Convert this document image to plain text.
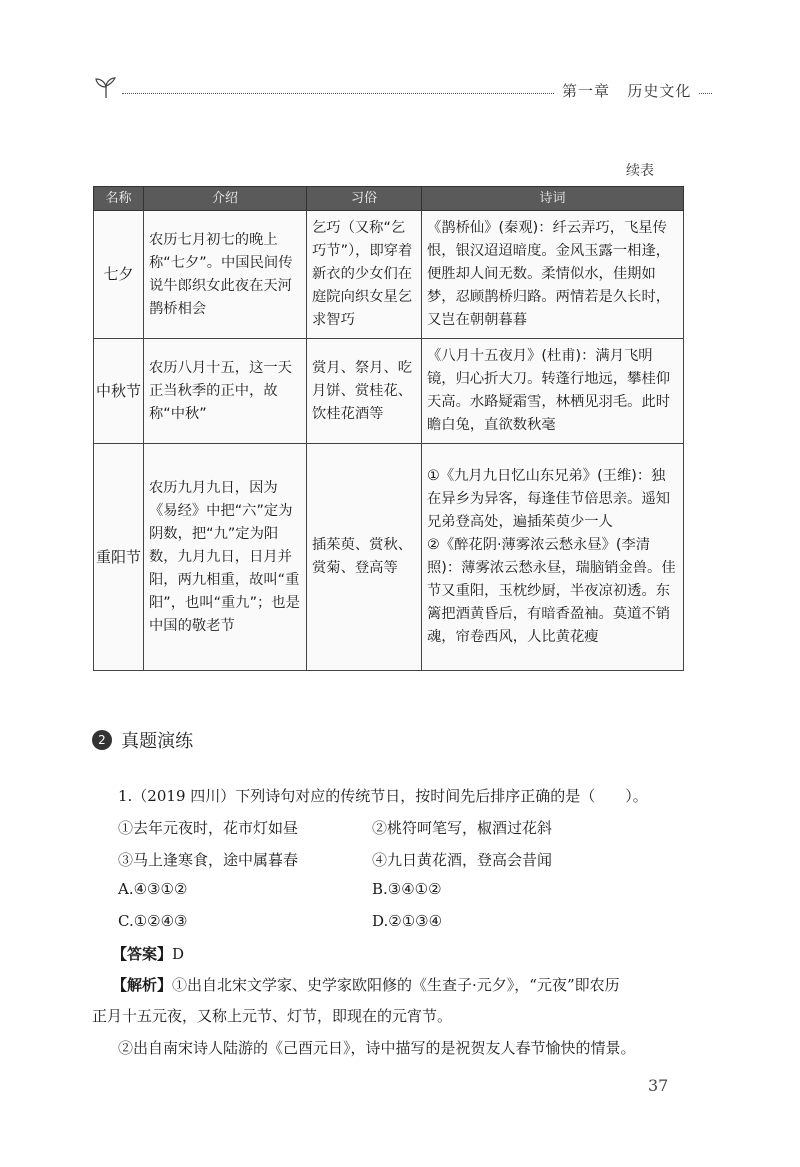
第一章 历史文化
续表
名称	介绍	习俗	诗词
七夕	农历七月初七的晚上称“七夕”。中国民间传说牛郎织女此夜在天河鹊桥相会	乞巧（又称“乞巧节”），即穿着新衣的少女们在庭院向织女星乞求智巧	《鹊桥仙》(秦观)：纤云弄巧，飞星传恨，银汉迢迢暗度。金风玉露一相逢，便胜却人间无数。柔情似水，佳期如梦，忍顾鹊桥归路。两情若是久长时，又岂在朝朝暮暮
中秋节	农历八月十五，这一天正当秋季的正中，故称“中秋”	赏月、祭月、吃月饼、赏桂花、饮桂花酒等	《八月十五夜月》(杜甫)：满月飞明镜，归心折大刀。转蓬行地远，攀桂仰天高。水路疑霜雪，林栖见羽毛。此时瞻白兔，直欲数秋毫
重阳节	农历九月九日，因为《易经》中把“六”定为阴数，把“九”定为阳数，九月九日，日月并阳，两九相重，故叫“重阳”，也叫“重九”；也是中国的敬老节	插茱萸、赏秋、赏菊、登高等	①《九月九日忆山东兄弟》(王维)：独在异乡为异客，每逢佳节倍思亲。遥知兄弟登高处，遍插茱萸少一人
②《醉花阴·薄雾浓云愁永昼》(李清照)：薄雾浓云愁永昼，瑞脑销金兽。佳节又重阳，玉枕纱厨，半夜凉初透。东篱把酒黄昏后，有暗香盈袖。莫道不销魂，帘卷西风，人比黄花瘦
2 真题演练
1.（2019 四川）下列诗句对应的传统节日，按时间先后排序正确的是（　　）。
①去年元夜时，花市灯如昼	②桃符呵笔写，椒酒过花斜
③马上逢寒食，途中属暮春	④九日黄花酒，登高会昔闻
A.④③①②	B.③④①②
C.①②④③	D.②①③④
【答案】D
【解析】①出自北宋文学家、史学家欧阳修的《生查子·元夕》，“元夜”即农历
正月十五元夜，又称上元节、灯节，即现在的元宵节。
②出自南宋诗人陆游的《己酉元日》，诗中描写的是祝贺友人春节愉快的情景。
37
